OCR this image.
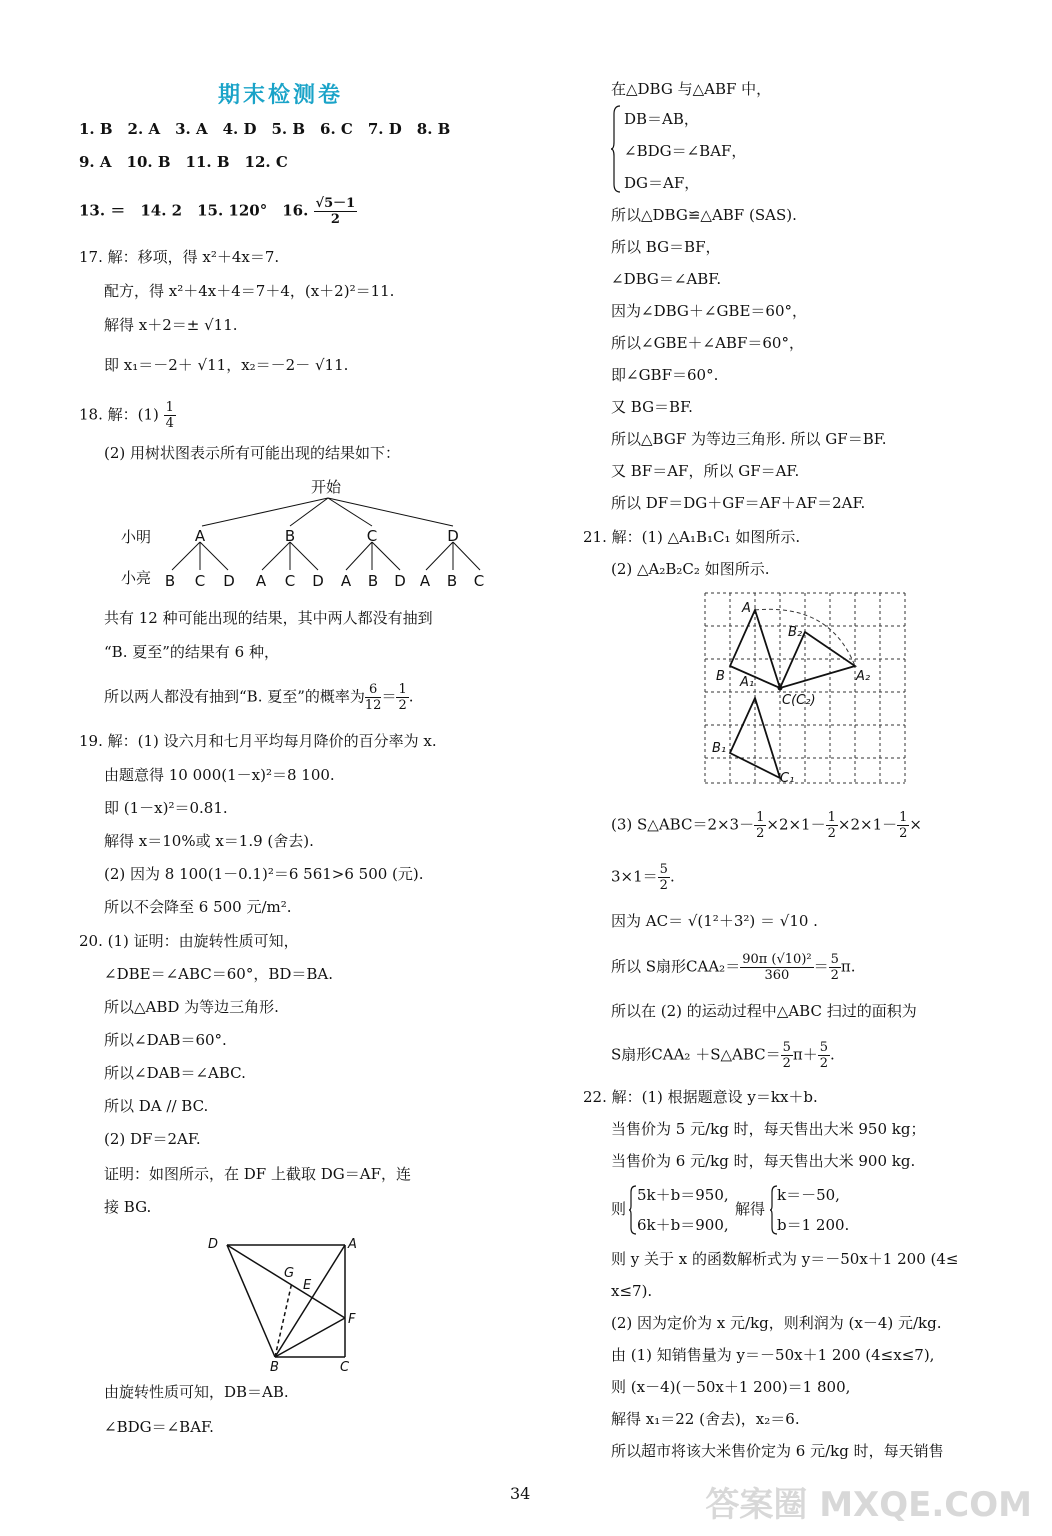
期末检测卷
1. B　2. A　3. A　4. D　5. B　6. C　7. D　8. B
9. A　10. B　11. B　12. C
13. ＝　14. 2　15. 120°　16. $\frac{√5-1}{2}$
17. 解：移项，得 x²＋4x＝7.
配方，得 x²＋4x＋4＝7＋4，(x＋2)²＝11.
解得 x＋2＝± √11.
即 x₁＝－2＋ √11，x₂＝－2－ √11.
18. 解：$(1) \frac{1}{4}$
(2) 用树状图表示所有可能出现的结果如下：
开始
小明
小亮
A	B	C	D
B C D A C D A B D A B C
共有 12 种可能出现的结果，其中两人都没有抽到
“B. 夏至”的结果有 6 种，
所以两人都没有抽到“B. 夏至”的概率为 $\frac{6}{12} = \frac{1}{2}$ .
19. 解：(1) 设六月和七月平均每月降价的百分率为 x.
由题意得 10 000(1－x)²＝8 100.
即 (1－x)²＝0.81.
解得 x＝10%或 x＝1.9 (舍去).
(2) 因为 8 100(1－0.1)²＝6 561>6 500 (元).
所以不会降至 6 500 元/m².
20. (1) 证明：由旋转性质可知，
∠DBE＝∠ABC＝60°，BD＝BA.
所以△ABD 为等边三角形.
所以∠DAB＝60°.
所以∠DAB＝∠ABC.
所以 DA // BC.
(2) DF＝2AF.
证明：如图所示，在 DF 上截取 DG＝AF，连
接 BG.
D	A
G
E
F
B	C
由旋转性质可知，DB＝AB.
∠BDG＝∠BAF.
在△DBG 与△ABF 中，
DB＝AB，
∠BDG＝∠BAF，
DG＝AF，
所以△DBG≌△ABF (SAS).
所以 BG＝BF，
∠DBG＝∠ABF.
因为∠DBG＋∠GBE＝60°，
所以∠GBE＋∠ABF＝60°，
即∠GBF＝60°.
又 BG＝BF.
所以△BGF 为等边三角形. 所以 GF＝BF.
又 BF＝AF，所以 GF＝AF.
所以 DF＝DG＋GF＝AF＋AF＝2AF.
21. 解：(1) △A₁B₁C₁ 如图所示.
(2) △A₂B₂C₂ 如图所示.
A
B₂
B A₁
C(C₂)
A₂
B₁
C₁
(3) S△ABC＝2×3－ $\frac{1}{2} \times 2\times 1- \frac{1}{2} \times 2\times 1- \frac{1}{2}$ ×
$3\times 1= \frac{5}{2}$ .
因为 AC＝ √(1²＋3²) ＝ √10 .
所以 S扇形$CAA_2= \frac{\text{90π (√10)²}}{360} = \frac{5}{2} \pi$.
所以在 (2) 的运动过程中△ABC 扫过的面积为
S扇形CAA₂ ＋S△ABC＝ $\frac{5}{2} \pi+ \frac{5}{2}$ .
22. 解：(1) 根据题意设 y＝kx＋b.
当售价为 5 元/kg 时，每天售出大米 950 kg；
当售价为 6 元/kg 时，每天售出大米 900 kg.
则
5k＋b＝950,
6k＋b＝900,
解得
k＝－50,
b＝1 200.
则 y 关于 x 的函数解析式为 y＝－50x＋1 200 (4≤
x≤7).
(2) 因为定价为 x 元/kg，则利润为 (x－4) 元/kg.
由 (1) 知销售量为 y＝－50x＋1 200 (4≤x≤7),
则 (x－4)(－50x＋1 200)＝1 800,
解得 x₁＝22 (舍去)，x₂＝6.
所以超市将该大米售价定为 6 元/kg 时，每天销售
34	答案圈 MXQE.COM
